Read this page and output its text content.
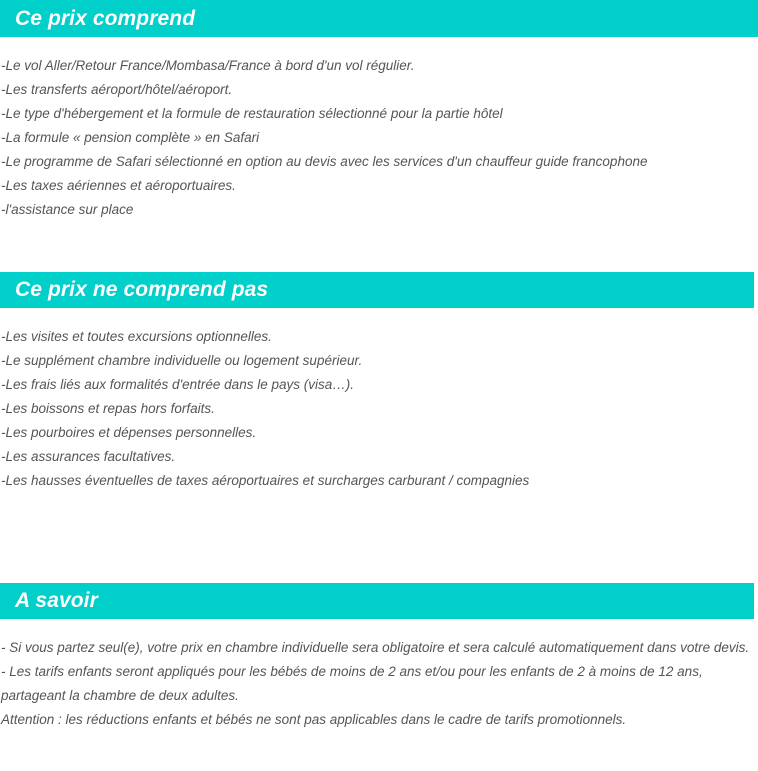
Ce prix comprend
-Le vol Aller/Retour France/Mombasa/France à bord d'un vol régulier.
-Les transferts aéroport/hôtel/aéroport.
-Le type d'hébergement et la formule de restauration sélectionné pour la partie hôtel
-La formule « pension complète » en Safari
-Le programme de Safari sélectionné en option au devis avec les services d'un chauffeur guide francophone
-Les taxes aériennes et aéroportuaires.
-l'assistance sur place
Ce prix ne comprend pas
-Les visites et toutes excursions optionnelles.
-Le supplément chambre individuelle ou logement supérieur.
-Les frais liés aux formalités d'entrée dans le pays (visa…).
-Les boissons et repas hors forfaits.
-Les pourboires et dépenses personnelles.
-Les assurances facultatives.
-Les hausses éventuelles de taxes aéroportuaires et surcharges carburant / compagnies
A savoir
- Si vous partez seul(e), votre prix en chambre individuelle sera obligatoire et sera calculé automatiquement dans votre devis.
- Les tarifs enfants seront appliqués pour les bébés de moins de 2 ans et/ou pour les enfants de 2 à moins de 12 ans, partageant la chambre de deux adultes.
Attention : les réductions enfants et bébés ne sont pas applicables dans le cadre de tarifs promotionnels.
